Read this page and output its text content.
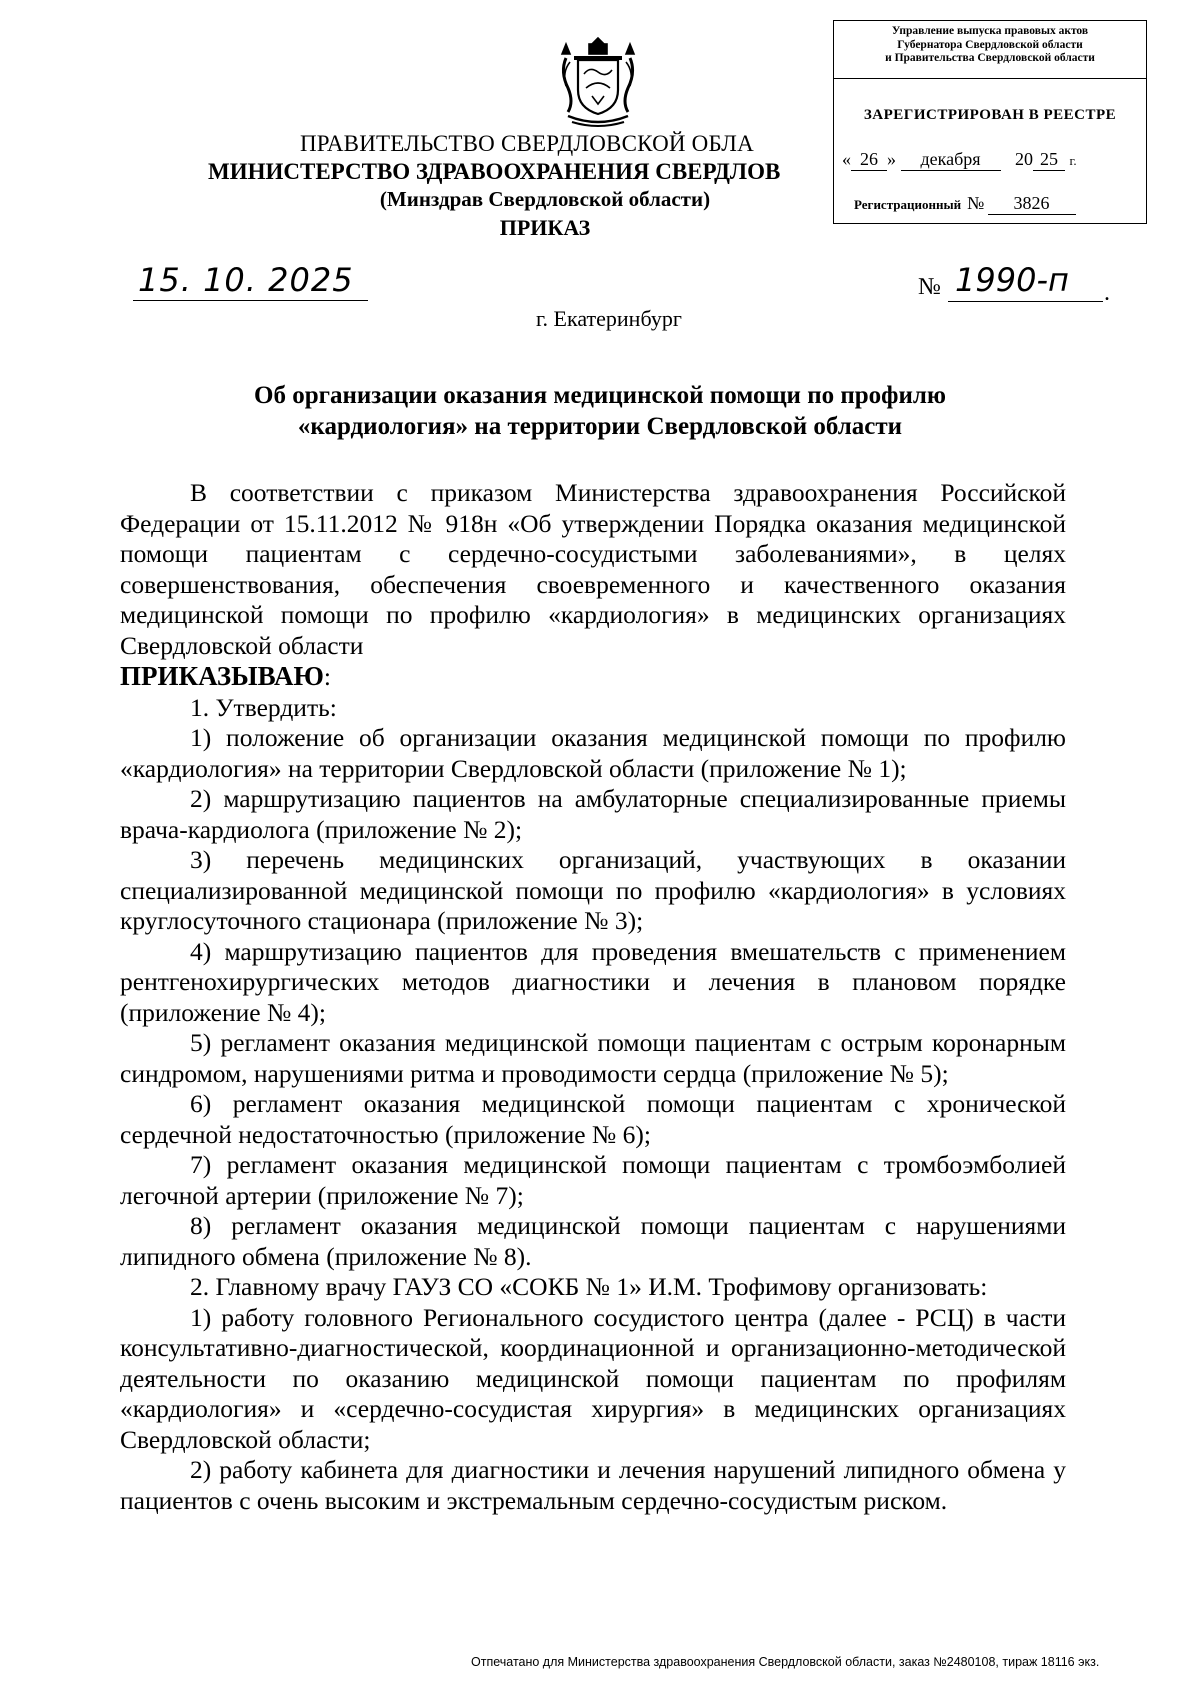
ПРАВИТЕЛЬСТВО СВЕРДЛОВСКОЙ ОБЛА
МИНИСТЕРСТВО ЗДРАВООХРАНЕНИЯ СВЕРДЛОВ
(Минздрав Свердловской области)
ПРИКАЗ
Управление выпуска правовых актов
Губернатора Свердловской области
и Правительства Свердловской области
ЗАРЕГИСТРИРОВАН В РЕЕСТРЕ
« 26 » декабря 20 25 г.
Регистрационный № 3826
15. 10. 2025	№ 1990-п .
г. Екатеринбург
Об организации оказания медицинской помощи по профилю
«кардиология» на территории Свердловской области

В соответствии с приказом Министерства здравоохранения Российской Федерации от 15.11.2012 № 918н «Об утверждении Порядка оказания медицинской помощи пациентам с сердечно-сосудистыми заболеваниями», в целях совершенствования, обеспечения своевременного и качественного оказания медицинской помощи по профилю «кардиология» в медицинских организациях Свердловской области

ПРИКАЗЫВАЮ:

1. Утвердить:

1) положение об организации оказания медицинской помощи по профилю «кардиология» на территории Свердловской области (приложение № 1);

2) маршрутизацию пациентов на амбулаторные специализированные приемы врача-кардиолога (приложение № 2);

3) перечень медицинских организаций, участвующих в оказании специализированной медицинской помощи по профилю «кардиология» в условиях круглосуточного стационара (приложение № 3);

4) маршрутизацию пациентов для проведения вмешательств с применением рентгенохирургических методов диагностики и лечения в плановом порядке (приложение № 4);

5) регламент оказания медицинской помощи пациентам с острым коронарным синдромом, нарушениями ритма и проводимости сердца (приложение № 5);

6) регламент оказания медицинской помощи пациентам с хронической сердечной недостаточностью (приложение № 6);

7) регламент оказания медицинской помощи пациентам с тромбоэмболией легочной артерии (приложение № 7);

8) регламент оказания медицинской помощи пациентам с нарушениями липидного обмена (приложение № 8).

2. Главному врачу ГАУЗ СО «СОКБ № 1» И.М. Трофимову организовать:

1) работу головного Регионального сосудистого центра (далее - РСЦ) в части консультативно-диагностической, координационной и организационно-методической деятельности по оказанию медицинской помощи пациентам по профилям «кардиология» и «сердечно-сосудистая хирургия» в медицинских организациях Свердловской области;

2) работу кабинета для диагностики и лечения нарушений липидного обмена у пациентов с очень высоким и экстремальным сердечно-сосудистым риском.

Отпечатано для Министерства здравоохранения Свердловской области, заказ №2480108, тираж 18116 экз.
